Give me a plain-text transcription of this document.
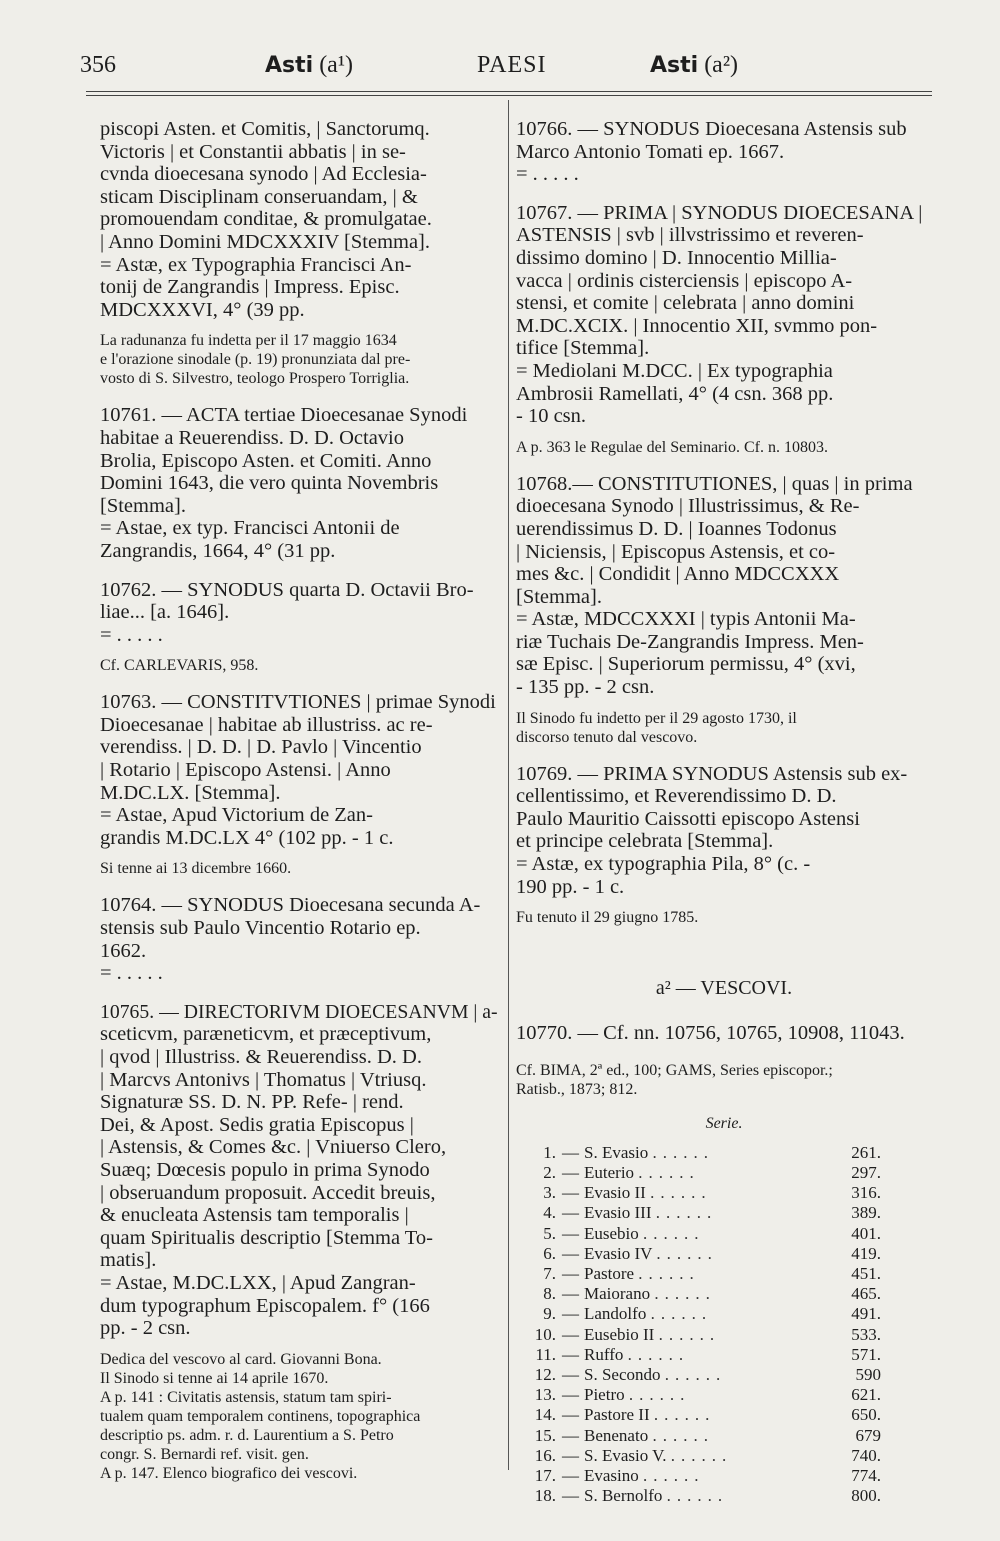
356	Asti (a¹)	PAESI	Asti (a²)
piscopi Asten. et Comitis, | Sanctorumq.
Victoris | et Constantii abbatis | in se-
cvnda dioecesana synodo | Ad Ecclesia-
sticam Disciplinam conseruandam, | &
promouendam conditae, & promulgatae.
| Anno Domini MDCXXXIV [Stemma].
= Astæ, ex Typographia Francisci An-
tonij de Zangrandis | Impress. Episc.
MDCXXXVI, 4° (39 pp.
La radunanza fu indetta per il 17 maggio 1634
e l'orazione sinodale (p. 19) pronunziata dal pre-
vosto di S. Silvestro, teologo Prospero Torriglia.
10761. — ACTA tertiae Dioecesanae Synodi
habitae a Reuerendiss. D. D. Octavio
Brolia, Episcopo Asten. et Comiti. Anno
Domini 1643, die vero quinta Novembris
[Stemma].
= Astae, ex typ. Francisci Antonii de
Zangrandis, 1664, 4° (31 pp.
10762. — SYNODUS quarta D. Octavii Bro-
liae... [a. 1646].
= . . . . .

Cf. CARLEVARIS, 958.

10763. — CONSTITVTIONES | primae Synodi
Dioecesanae | habitae ab illustriss. ac re-
verendiss. | D. D. | D. Pavlo | Vincentio
| Rotario | Episcopo Astensi. | Anno
M.DC.LX. [Stemma].
= Astae, Apud Victorium de Zan-
grandis M.DC.LX 4° (102 pp. - 1 c.

Si tenne ai 13 dicembre 1660.

10764. — SYNODUS Dioecesana secunda A-
stensis sub Paulo Vincentio Rotario ep.
1662.
= . . . . .
10765. — DIRECTORIVM DIOECESANVM | a-
sceticvm, paræneticvm, et præceptivum,
| qvod | Illustriss. & Reuerendiss. D. D.
| Marcvs Antonivs | Thomatus | Vtriusq.
Signaturæ SS. D. N. PP. Refe- | rend.
Dei, & Apost. Sedis gratia Episcopus |
| Astensis, & Comes &c. | Vniuerso Clero,
Suæq; Dœcesis populo in prima Synodo
| obseruandum proposuit. Accedit breuis,
& enucleata Astensis tam temporalis |
quam Spiritualis descriptio [Stemma To-
matis].
= Astae, M.DC.LXX, | Apud Zangran-
dum typographum Episcopalem. f° (166
pp. - 2 csn.
Dedica del vescovo al card. Giovanni Bona.
Il Sinodo si tenne ai 14 aprile 1670.
A p. 141 : Civitatis astensis, statum tam spiri-
tualem quam temporalem continens, topographica
descriptio ps. adm. r. d. Laurentium a S. Petro
congr. S. Bernardi ref. visit. gen.
A p. 147. Elenco biografico dei vescovi.
10766. — SYNODUS Dioecesana Astensis sub
Marco Antonio Tomati ep. 1667.
= . . . . .
10767. — PRIMA | SYNODUS DIOECESANA |
ASTENSIS | svb | illvstrissimo et reveren-
dissimo domino | D. Innocentio Millia-
vacca | ordinis cisterciensis | episcopo A-
stensi, et comite | celebrata | anno domini
M.DC.XCIX. | Innocentio XII, svmmo pon-
tifice [Stemma].
= Mediolani M.DCC. | Ex typographia
Ambrosii Ramellati, 4° (4 csn. 368 pp.
- 10 csn.

A p. 363 le Regulae del Seminario. Cf. n. 10803.

10768.— CONSTITUTIONES, | quas | in prima
dioecesana Synodo | Illustrissimus, & Re-
uerendissimus D. D. | Ioannes Todonus
| Niciensis, | Episcopus Astensis, et co-
mes &c. | Condidit | Anno MDCCXXX
[Stemma].
= Astæ, MDCCXXXI | typis Antonii Ma-
riæ Tuchais De-Zangrandis Impress. Men-
sæ Episc. | Superiorum permissu, 4° (xvi,
- 135 pp. - 2 csn.
Il Sinodo fu indetto per il 29 agosto 1730, il
discorso tenuto dal vescovo.
10769. — PRIMA SYNODUS Astensis sub ex-
cellentissimo, et Reverendissimo D. D.
Paulo Mauritio Caissotti episcopo Astensi
et principe celebrata [Stemma].
= Astæ, ex typographia Pila, 8° (c. -
190 pp. - 1 c.

Fu tenuto il 29 giugno 1785.

a² — VESCOVI.

10770. — Cf. nn. 10756, 10765, 10908, 11043.

Cf. BIMA, 2ª ed., 100; GAMS, Series episcopor.;
Ratisb., 1873; 812.

Serie.

1.	—	S. Evasio ......	261.
2.	—	Euterio ......	297.
3.	—	Evasio II ......	316.
4.	—	Evasio III ......	389.
5.	—	Eusebio ......	401.
6.	—	Evasio IV ......	419.
7.	—	Pastore ......	451.
8.	—	Maiorano ......	465.
9.	—	Landolfo ......	491.
10.	—	Eusebio II ......	533.
11.	—	Ruffo ......	571.
12.	—	S. Secondo ......	590
13.	—	Pietro ......	621.
14.	—	Pastore II ......	650.
15.	—	Benenato ......	679
16.	—	S. Evasio V. ......	740.
17.	—	Evasino ......	774.
18.	—	S. Bernolfo ......	800.
